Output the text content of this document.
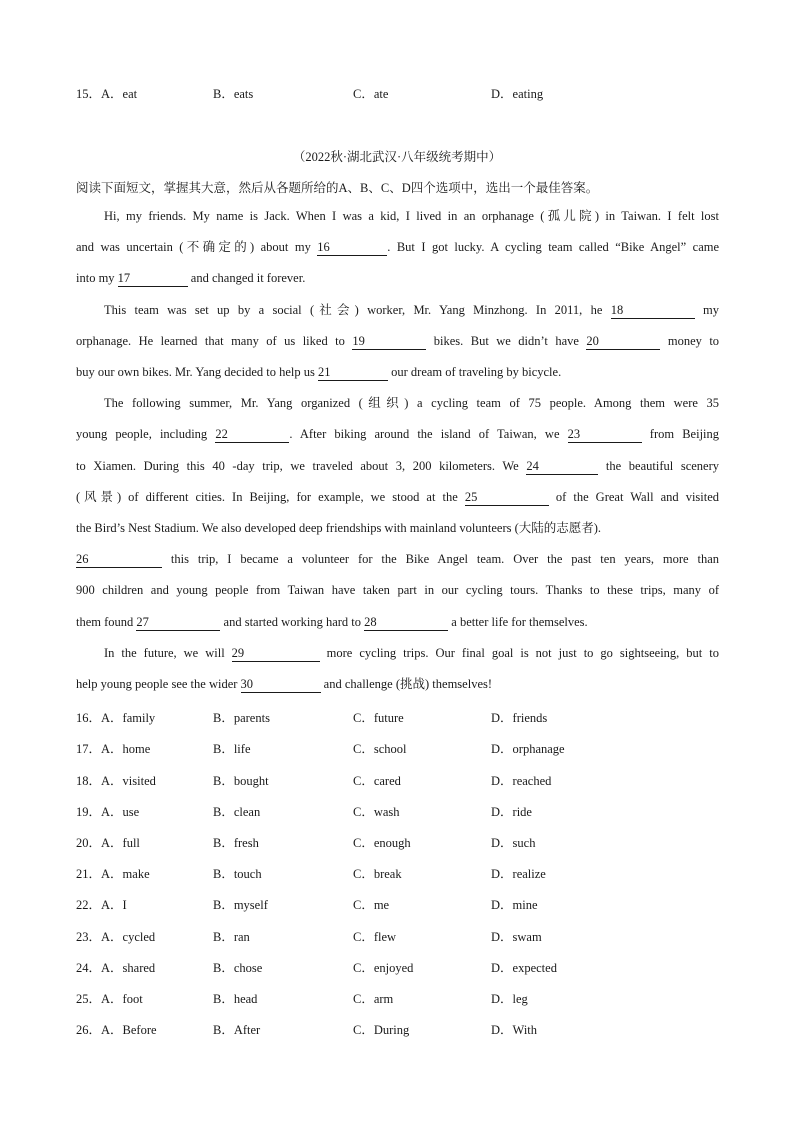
15．A．eat	B．eats	C．ate	D．eating
（2022秋·湖北武汉·八年级统考期中）
阅读下面短文，掌握其大意，然后从各题所给的A、B、C、D四个选项中，选出一个最佳答案。
Hi, my friends. My name is Jack. When I was a kid, I lived in an orphanage (孤儿院) in Taiwan. I felt lost
and was uncertain (不确定的) about my 16	. But I got lucky. A cycling team called “Bike Angel” came
into my 17	and changed it forever.
This team was set up by a social (社会) worker, Mr. Yang Minzhong. In 2011, he 18	my
orphanage. He learned that many of us liked to 19	bikes. But we didn’t have 20	money to
buy our own bikes. Mr. Yang decided to help us 21	our dream of traveling by bicycle.
The following summer, Mr. Yang organized (组织) a cycling team of 75 people. Among them were 35
young people, including 22	. After biking around the island of Taiwan, we 23	from Beijing
to Xiamen. During this 40 -day trip, we traveled about 3, 200 kilometers. We 24	the beautiful scenery
(风景) of different cities. In Beijing, for example, we stood at the 25	of the Great Wall and visited
the Bird’s Nest Stadium. We also developed deep friendships with mainland volunteers (大陆的志愿者).
26	this trip, I became a volunteer for the Bike Angel team. Over the past ten years, more than
900 children and young people from Taiwan have taken part in our cycling tours. Thanks to these trips, many of
them found 27	and started working hard to 28	a better life for themselves.
In the future, we will 29	more cycling trips. Our final goal is not just to go sightseeing, but to
help young people see the wider 30	and challenge (挑战) themselves!
16．A．family	B．parents	C．future	D．friends
17．A．home	B．life	C．school	D．orphanage
18．A．visited	B．bought	C．cared	D．reached
19．A．use	B．clean	C．wash	D．ride
20．A．full	B．fresh	C．enough	D．such
21．A．make	B．touch	C．break	D．realize
22．A．I	B．myself	C．me	D．mine
23．A．cycled	B．ran	C．flew	D．swam
24．A．shared	B．chose	C．enjoyed	D．expected
25．A．foot	B．head	C．arm	D．leg
26．A．Before	B．After	C．During	D．With
